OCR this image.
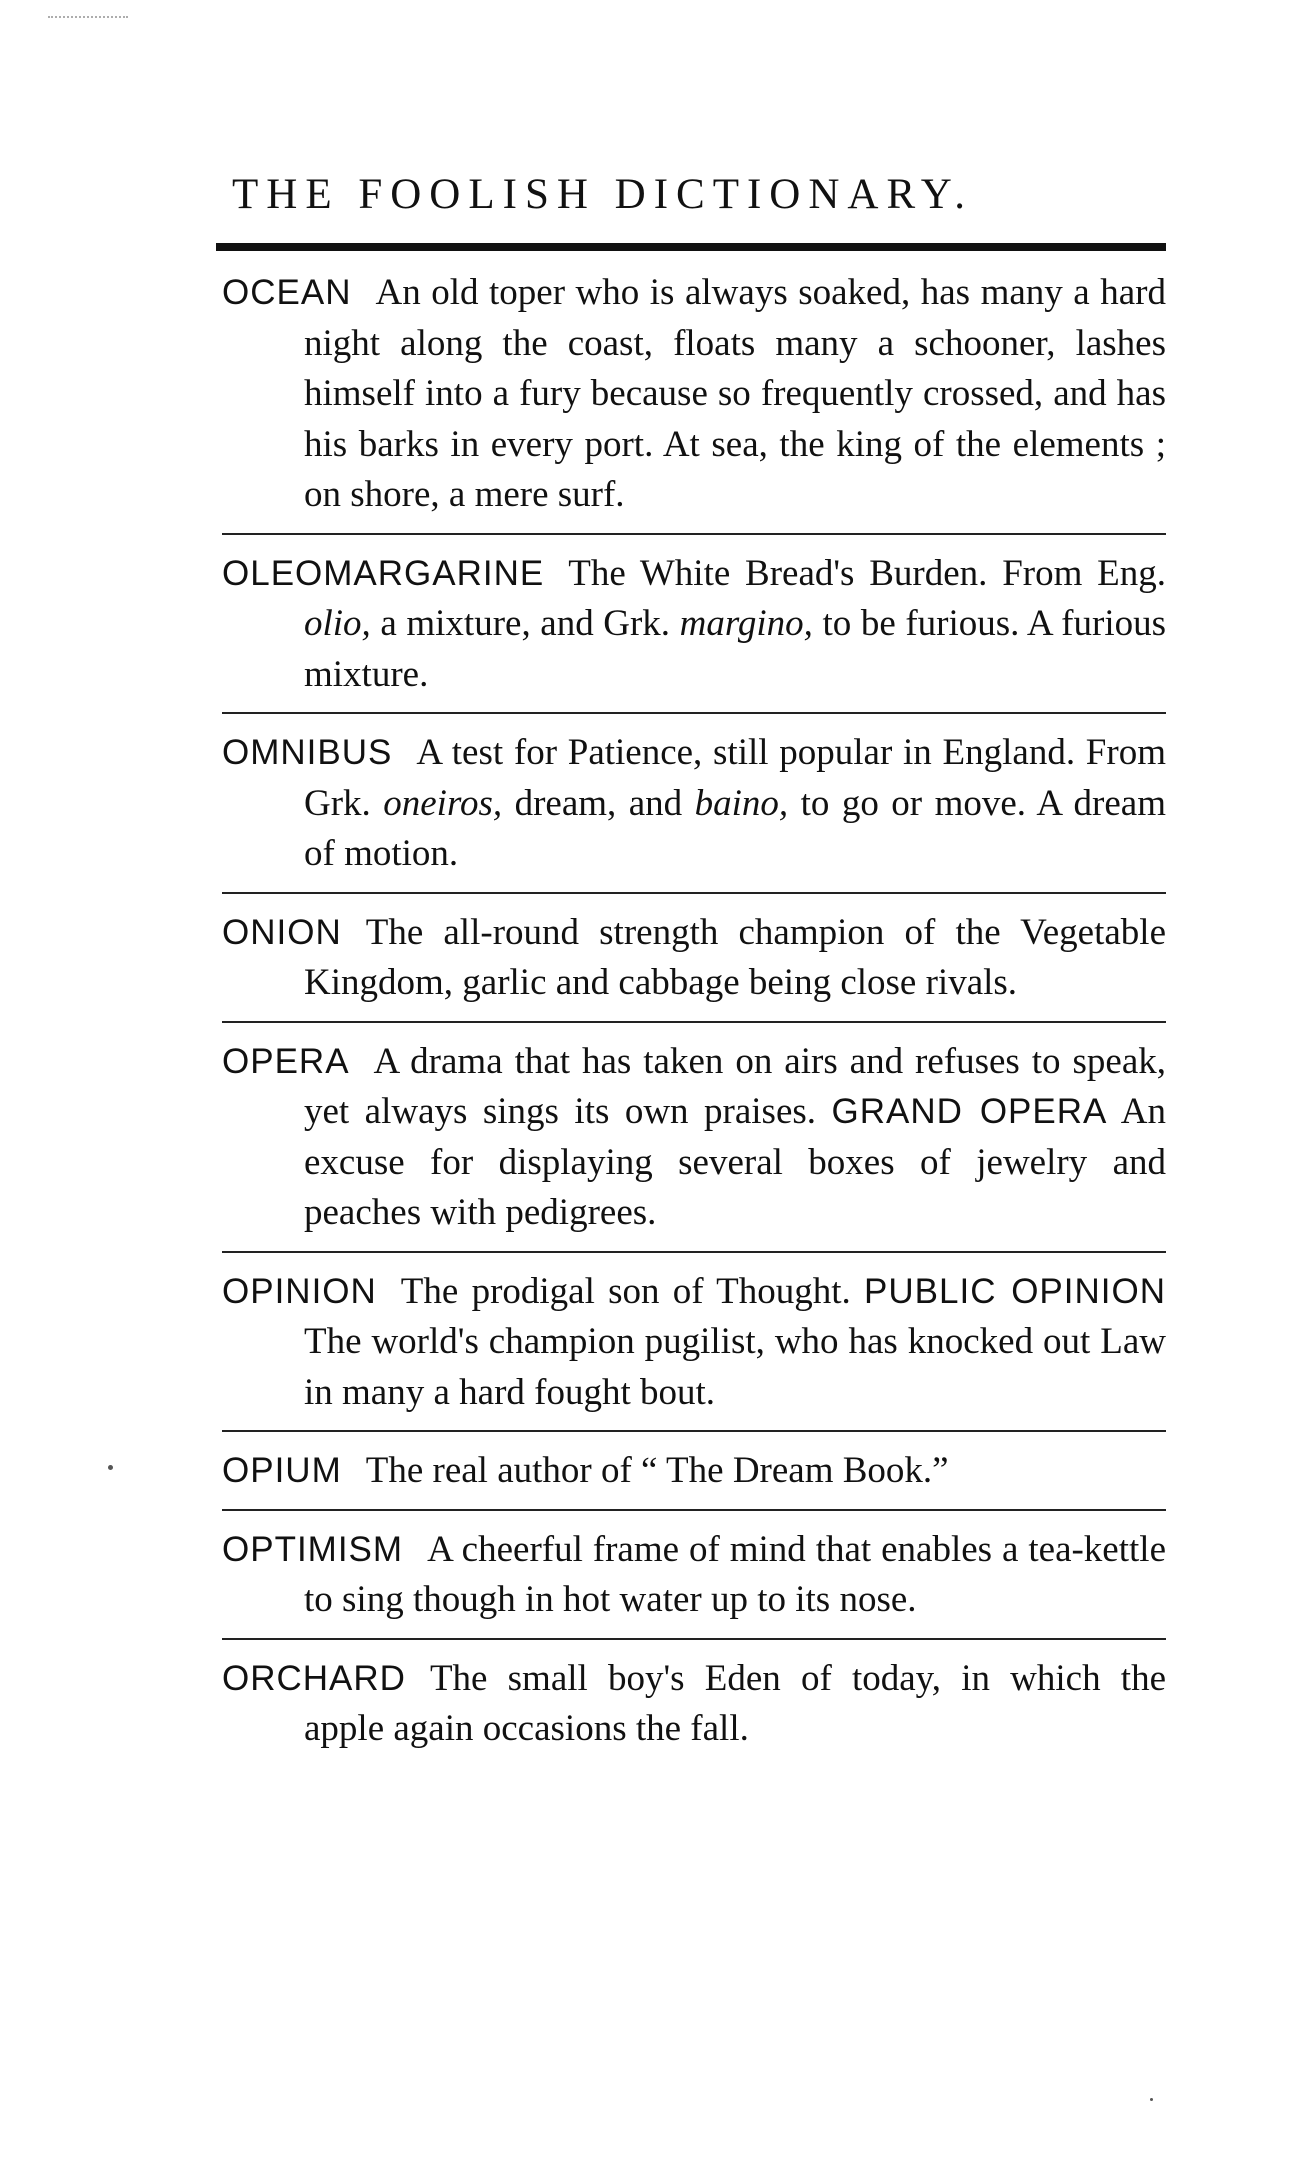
THE FOOLISH DICTIONARY.
OCEAN An old toper who is always soaked, has many a hard night along the coast, floats many a schooner, lashes himself into a fury because so frequently crossed, and has his barks in every port. At sea, the king of the elements ; on shore, a mere surf.
OLEOMARGARINE The White Bread's Burden. From Eng. olio, a mixture, and Grk. margino, to be furious. A furious mixture.
OMNIBUS A test for Patience, still popular in England. From Grk. oneiros, dream, and baino, to go or move. A dream of motion.
ONION The all-round strength champion of the Vegetable Kingdom, garlic and cabbage being close rivals.
OPERA A drama that has taken on airs and refuses to speak, yet always sings its own praises. GRAND OPERA An excuse for displaying several boxes of jewelry and peaches with pedigrees.
OPINION The prodigal son of Thought. PUBLIC OPINION The world's champion pugilist, who has knocked out Law in many a hard fought bout.
OPIUM The real author of “ The Dream Book.”
OPTIMISM A cheerful frame of mind that enables a tea-kettle to sing though in hot water up to its nose.
ORCHARD The small boy's Eden of today, in which the apple again occasions the fall.
